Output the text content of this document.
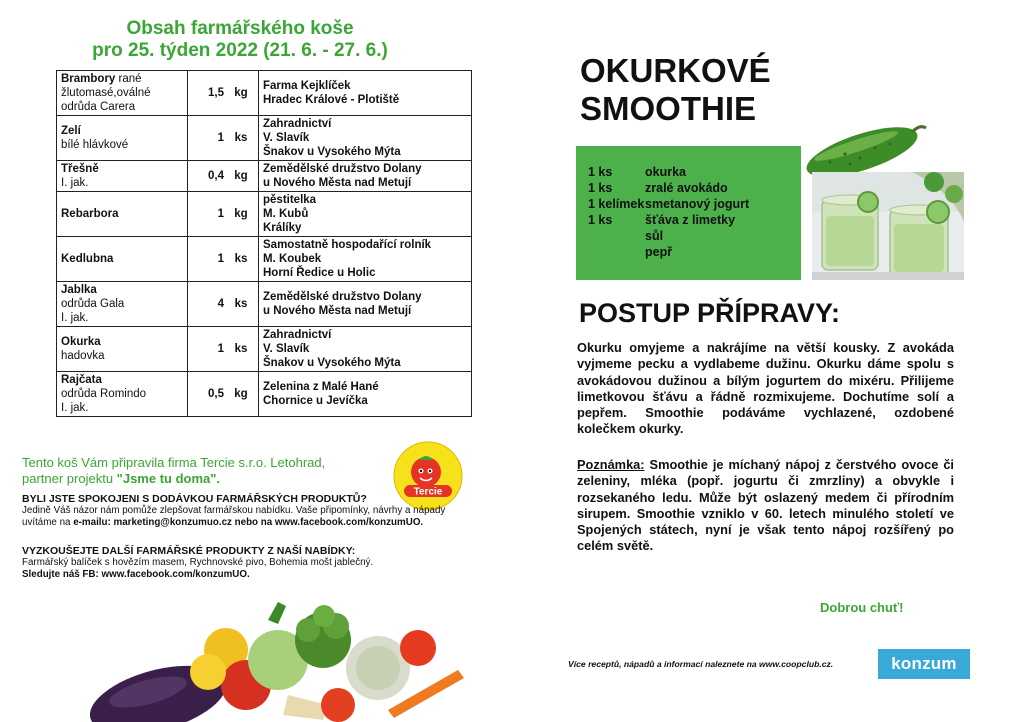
Obsah farmářského koše
pro 25. týden 2022 (21. 6. - 27. 6.)
Brambory rané
žlutomasé,oválné
odrůda Carera	1,5	kg	Farma Kejklíček
Hradec Králové - Plotiště

Zelí
bílé hlávkové	1	ks	Zahradnictví
V. Slavík
Šnakov u Vysokého Mýta

Třešně
I. jak.	0,4	kg	Zemědělské družstvo Dolany
u Nového Města nad Metují

Rebarbora	1	kg	pěstitelka
M. Kubů
Králíky

Kedlubna	1	ks	Samostatně hospodařící rolník
M. Koubek
Horní Ředice u Holic

Jablka
odrůda Gala
I. jak.	4	ks	Zemědělské družstvo Dolany
u Nového Města nad Metují

Okurka
hadovka	1	ks	Zahradnictví
V. Slavík
Šnakov u Vysokého Mýta

Rajčata
odrůda Romindo
I. jak.	0,5	kg	Zelenina z Malé Hané
Chornice u Jevíčka
Tento koš Vám připravila firma Tercie s.r.o. Letohrad,
partner projektu "Jsme tu doma".
Tercie
BYLI JSTE SPOKOJENI S DODÁVKOU FARMÁŘSKÝCH PRODUKTŮ?
Jedině Váš názor nám pomůže zlepšovat farmářskou nabídku. Vaše připomínky, návrhy a nápady
uvítáme na e-mailu: marketing@konzumuo.cz nebo na www.facebook.com/konzumUO.
VYZKOUŠEJTE DALŠÍ FARMÁŘSKÉ PRODUKTY Z NAŠÍ NABÍDKY:
Farmářský balíček s hovězím masem, Rychnovské pivo, Bohemia mošt jablečný.
Sledujte náš FB: www.facebook.com/konzumUO.
OKURKOVÉ
SMOOTHIE
1 ks	okurka
1 ks	zralé avokádo
1 kelímek smetanový jogurt
1 ks	šťáva z limetky
sůl
pepř
POSTUP PŘÍPRAVY:
Okurku omyjeme a nakrájíme na větší kousky. Z avokáda vyjmeme pecku a vydlabeme dužinu. Okurku dáme spolu s avokádovou dužinou a bílým jogurtem do mixéru. Přilijeme limetkovou šťávu a řádně rozmixujeme. Dochutíme solí a pepřem. Smoothie podáváme vychlazené, ozdobené kolečkem okurky.
Poznámka: Smoothie je míchaný nápoj z čerstvého ovoce či zeleniny, mléka (popř. jogurtu či zmrzliny) a obvykle i rozsekaného ledu. Může být oslazený medem či přírodním sirupem. Smoothie vzniklo v 60. letech minulého století ve Spojených státech, nyní je však tento nápoj rozšířený po celém světě.
Dobrou chuť!
Více receptů, nápadů a informací naleznete na www.coopclub.cz.	konzum
